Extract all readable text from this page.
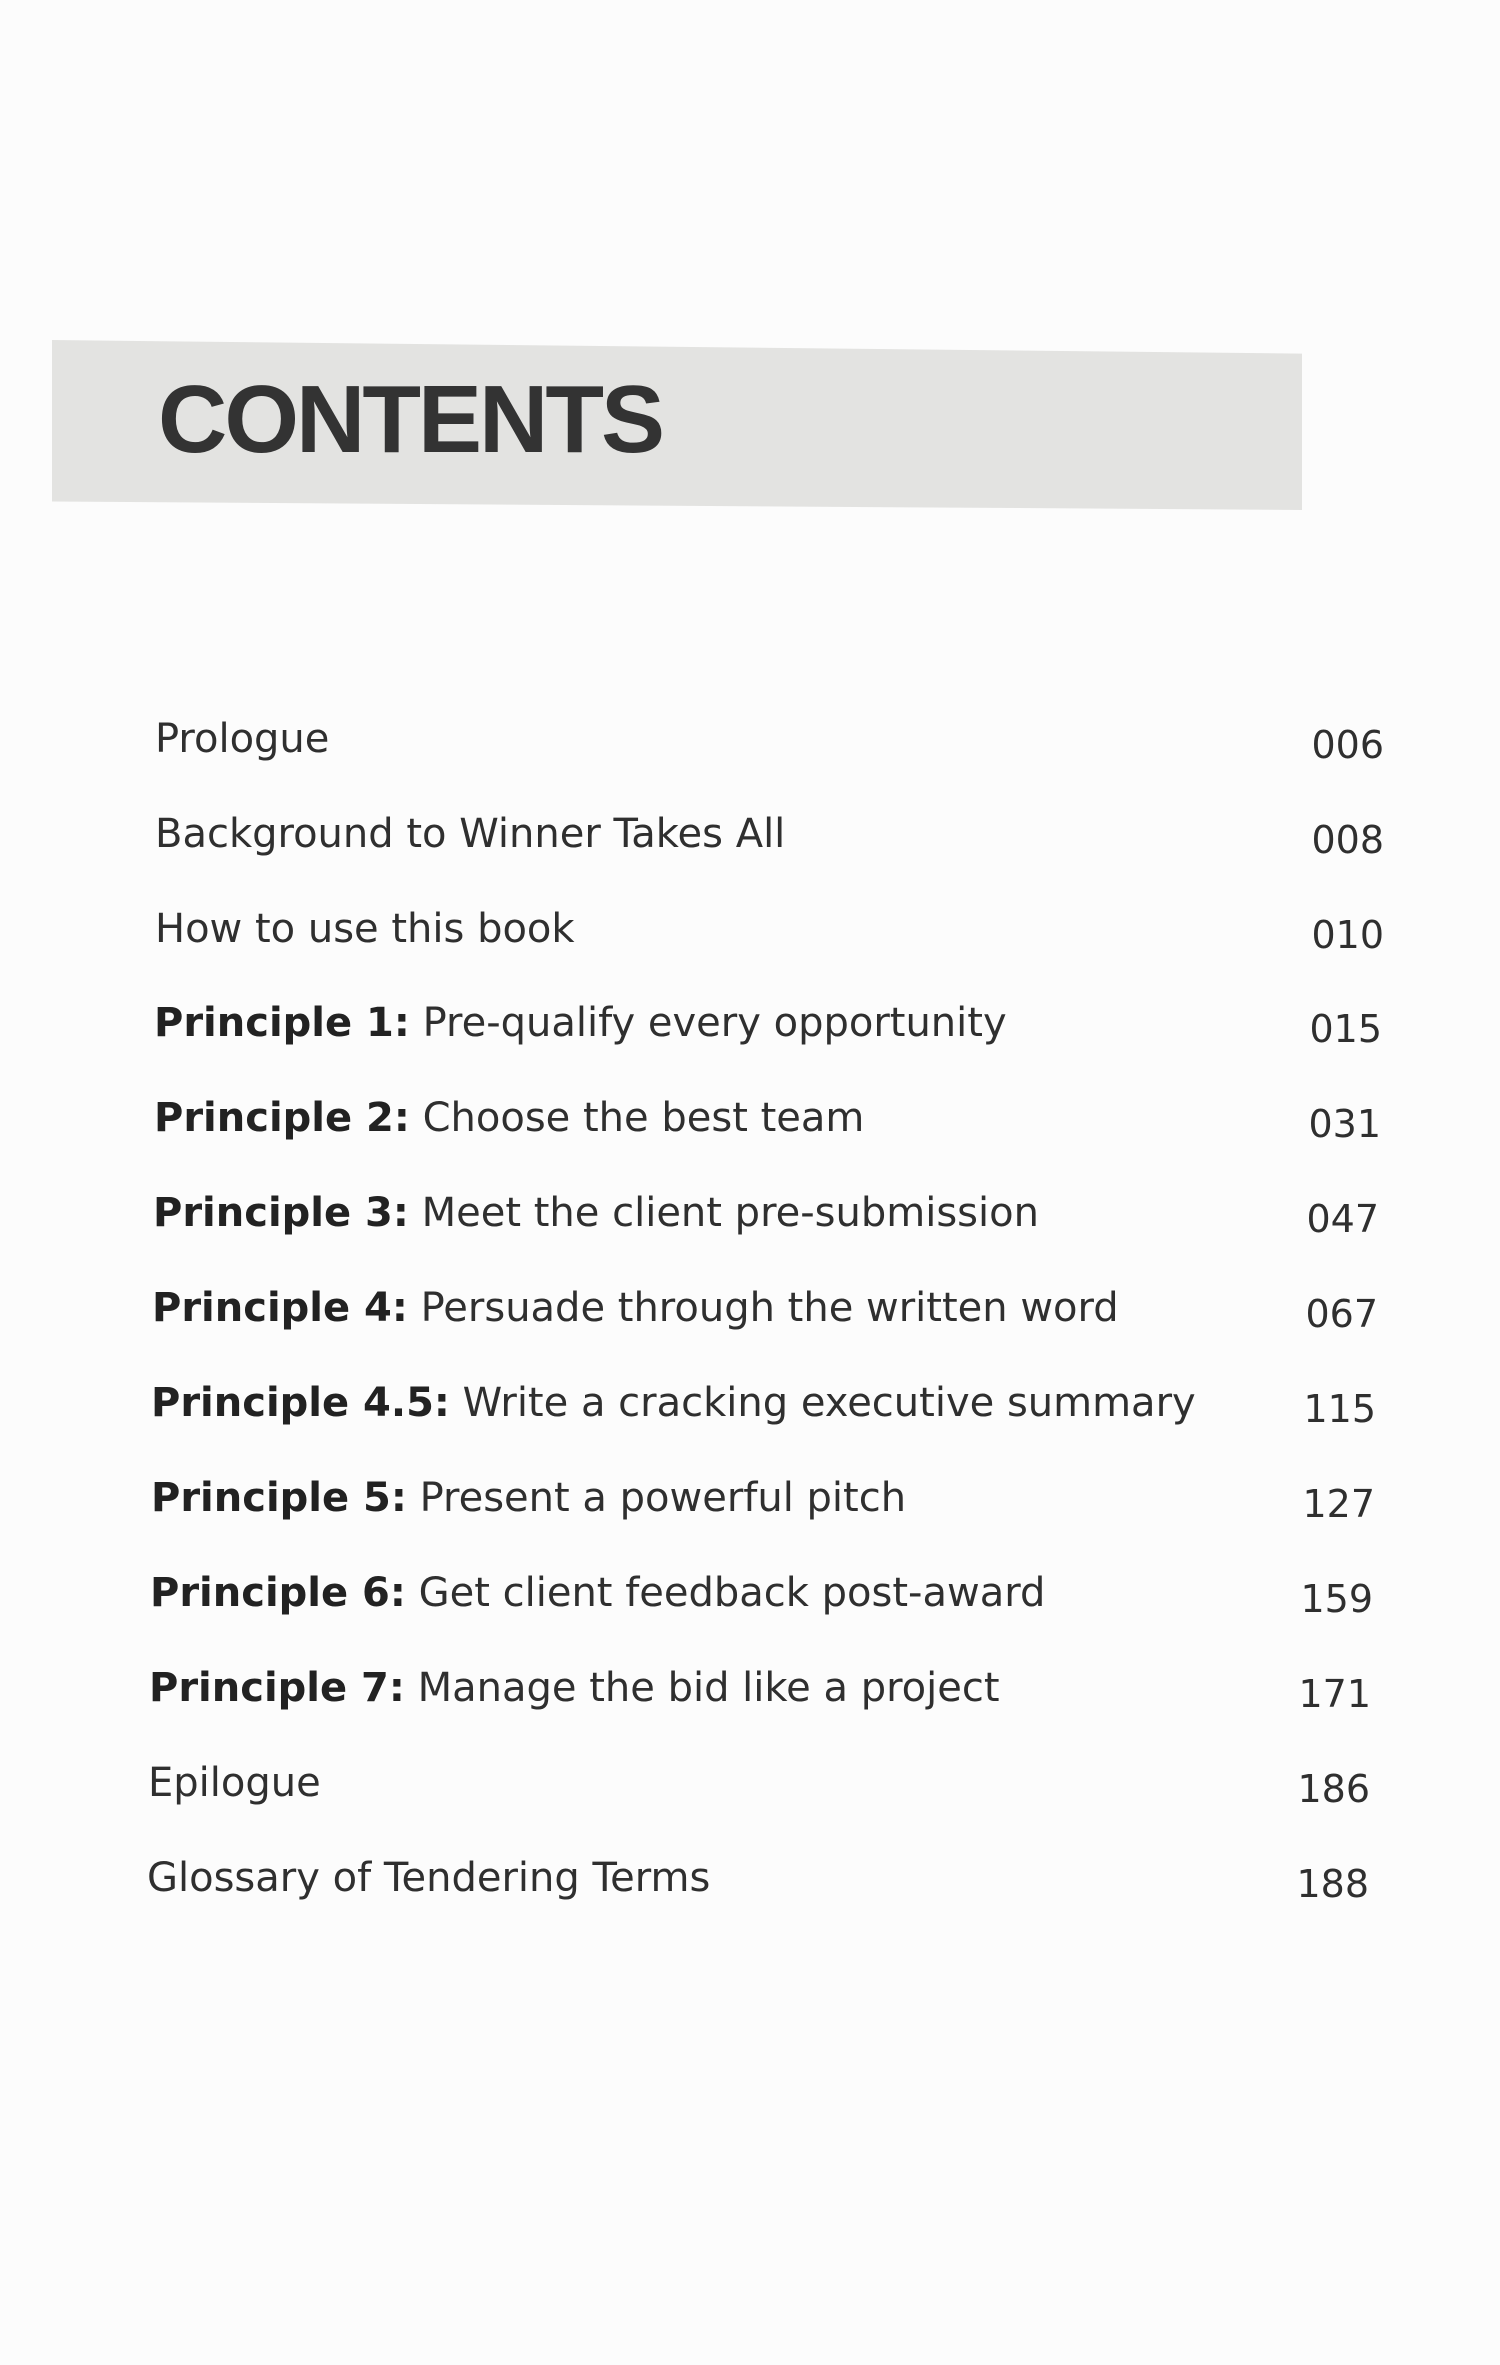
CONTENTS
Prologue	006
Background to Winner Takes All	008
How to use this book	010
Principle 1: Pre-qualify every opportunity	015
Principle 2: Choose the best team	031
Principle 3: Meet the client pre-submission	047
Principle 4: Persuade through the written word	067
Principle 4.5: Write a cracking executive summary	115
Principle 5: Present a powerful pitch	127
Principle 6: Get client feedback post-award	159
Principle 7: Manage the bid like a project	171
Epilogue	186
Glossary of Tendering Terms	188
